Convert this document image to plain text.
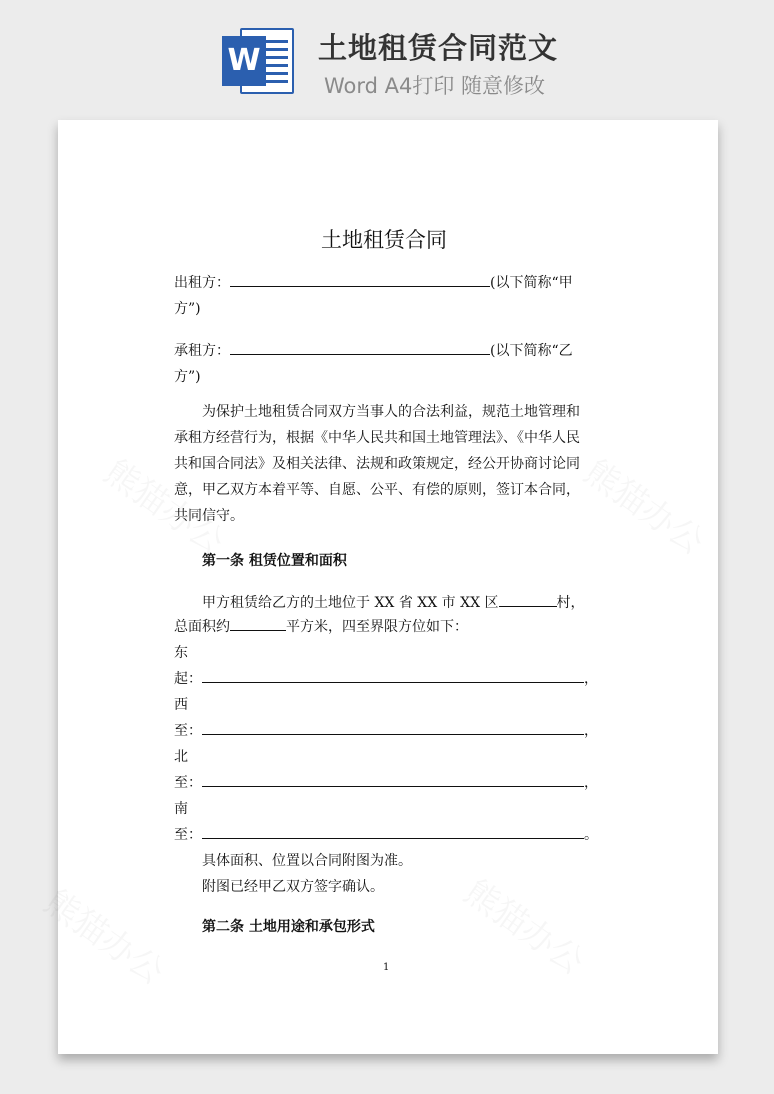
W 土地租赁合同范文
Word A4打印 随意修改
土地租赁合同
出租方：	(以下简称“甲
方”)
承租方：	(以下简称“乙
方”)
为保护土地租赁合同双方当事人的合法利益，规范土地管理和
承租方经营行为，根据《中华人民共和国土地管理法》、《中华人民
共和国合同法》及相关法律、法规和政策规定，经公开协商讨论同
意，甲乙双方本着平等、自愿、公平、有偿的原则，签订本合同，
共同信守。
第一条 租赁位置和面积
甲方租赁给乙方的土地位于 XX 省 XX 市 XX 区	村，
总面积约	平方米，四至界限方位如下：
东
起：	，
西
至：	，
北
至：	，
南
至：	。
具体面积、位置以合同附图为准。
附图已经甲乙双方签字确认。
第二条 土地用途和承包形式
1
